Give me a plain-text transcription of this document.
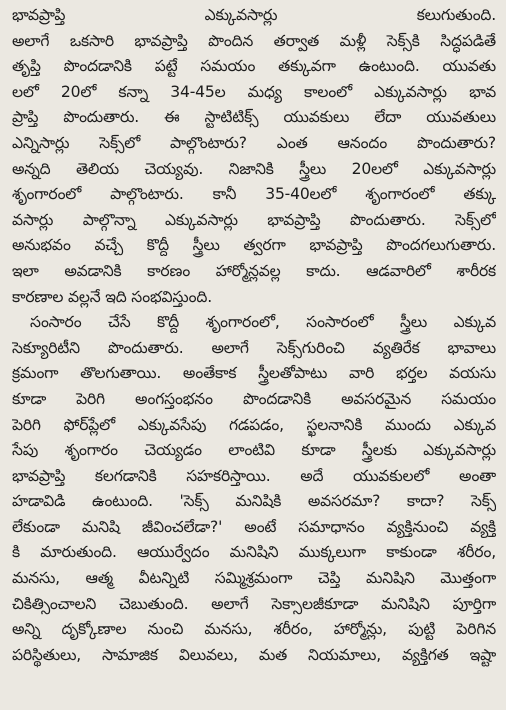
భావప్రాప్తి ఎక్కువసార్లు కలుగుతుంది.
అలాగే ఒకసారి భావప్రాప్తి పొందిన తర్వాత మళ్లీ సెక్స్‌కి సిద్ధపడితే
తృప్తి పొందడానికి పట్టే సమయం తక్కువగా ఉంటుంది. యువతు
లలో 20లో కన్నా 34-45ల మధ్య కాలంలో ఎక్కువసార్లు భావ
ప్రాప్తి పొందుతారు. ఈ స్టాటిటిక్స్ యువకులు లేదా యువతులు
ఎన్నిసార్లు సెక్స్‌లో పాల్గొంటారు? ఎంత ఆనందం పొందుతారు?
అన్నది తెలియ చెయ్యవు. నిజానికి స్త్రీలు 20లలో ఎక్కువసార్లు
శృంగారంలో పాల్గొంటారు. కానీ 35-40లలో శృంగారంలో తక్కు
వసార్లు పాల్గొన్నా ఎక్కువసార్లు భావప్రాప్తి పొందుతారు. సెక్స్‌లో
అనుభవం వచ్చే కొద్దీ స్త్రీలు త్వరగా భావప్రాప్తి పొందగలుగుతారు.
ఇలా అవడానికి కారణం హార్మోన్లవల్ల కాదు. ఆడవారిలో శారీరక
కారణాల వల్లనే ఇది సంభవిస్తుంది.
సంసారం చేసే కొద్దీ శృంగారంలో, సంసారంలో స్త్రీలు ఎక్కువ
సెక్యూరిటీని పొందుతారు. అలాగే సెక్స్‌గురించి వ్యతిరేక భావాలు
క్రమంగా తొలగుతాయి. అంతేకాక స్త్రీలతోపాటు వారి భర్తల వయసు
కూడా పెరిగి అంగస్తంభనం పొందడానికి అవసరమైన సమయం
పెరిగి ఫోర్‌ప్లేలో ఎక్కువసేపు గడపడం, స్ఖలనానికి ముందు ఎక్కువ
సేపు శృంగారం చెయ్యడం లాంటివి కూడా స్త్రీలకు ఎక్కువసార్లు
భావప్రాప్తి కలగడానికి సహకరిస్తాయి. అదే యువకులలో అంతా
హడావిడి ఉంటుంది. 'సెక్స్ మనిషికి అవసరమా? కాదా? సెక్స్
లేకుండా మనిషి జీవించలేడా?' అంటే సమాధానం వ్యక్తినుంచి వ్యక్తి
కి మారుతుంది. ఆయుర్వేదం మనిషిని ముక్కలుగా కాకుండా శరీరం,
మనసు, ఆత్మ వీటన్నిటి సమ్మిశ్రమంగా చెప్తి మనిషిని మొత్తంగా
చికిత్సించాలని చెబుతుంది. అలాగే సెక్సాలజీకూడా మనిషిని పూర్తిగా
అన్ని దృక్కోణాల నుంచి మనసు, శరీరం, హార్మోన్లు, పుట్టి పెరిగిన
పరిస్థితులు, సామాజిక విలువలు, మత నియమాలు, వ్యక్తిగత ఇష్టా
